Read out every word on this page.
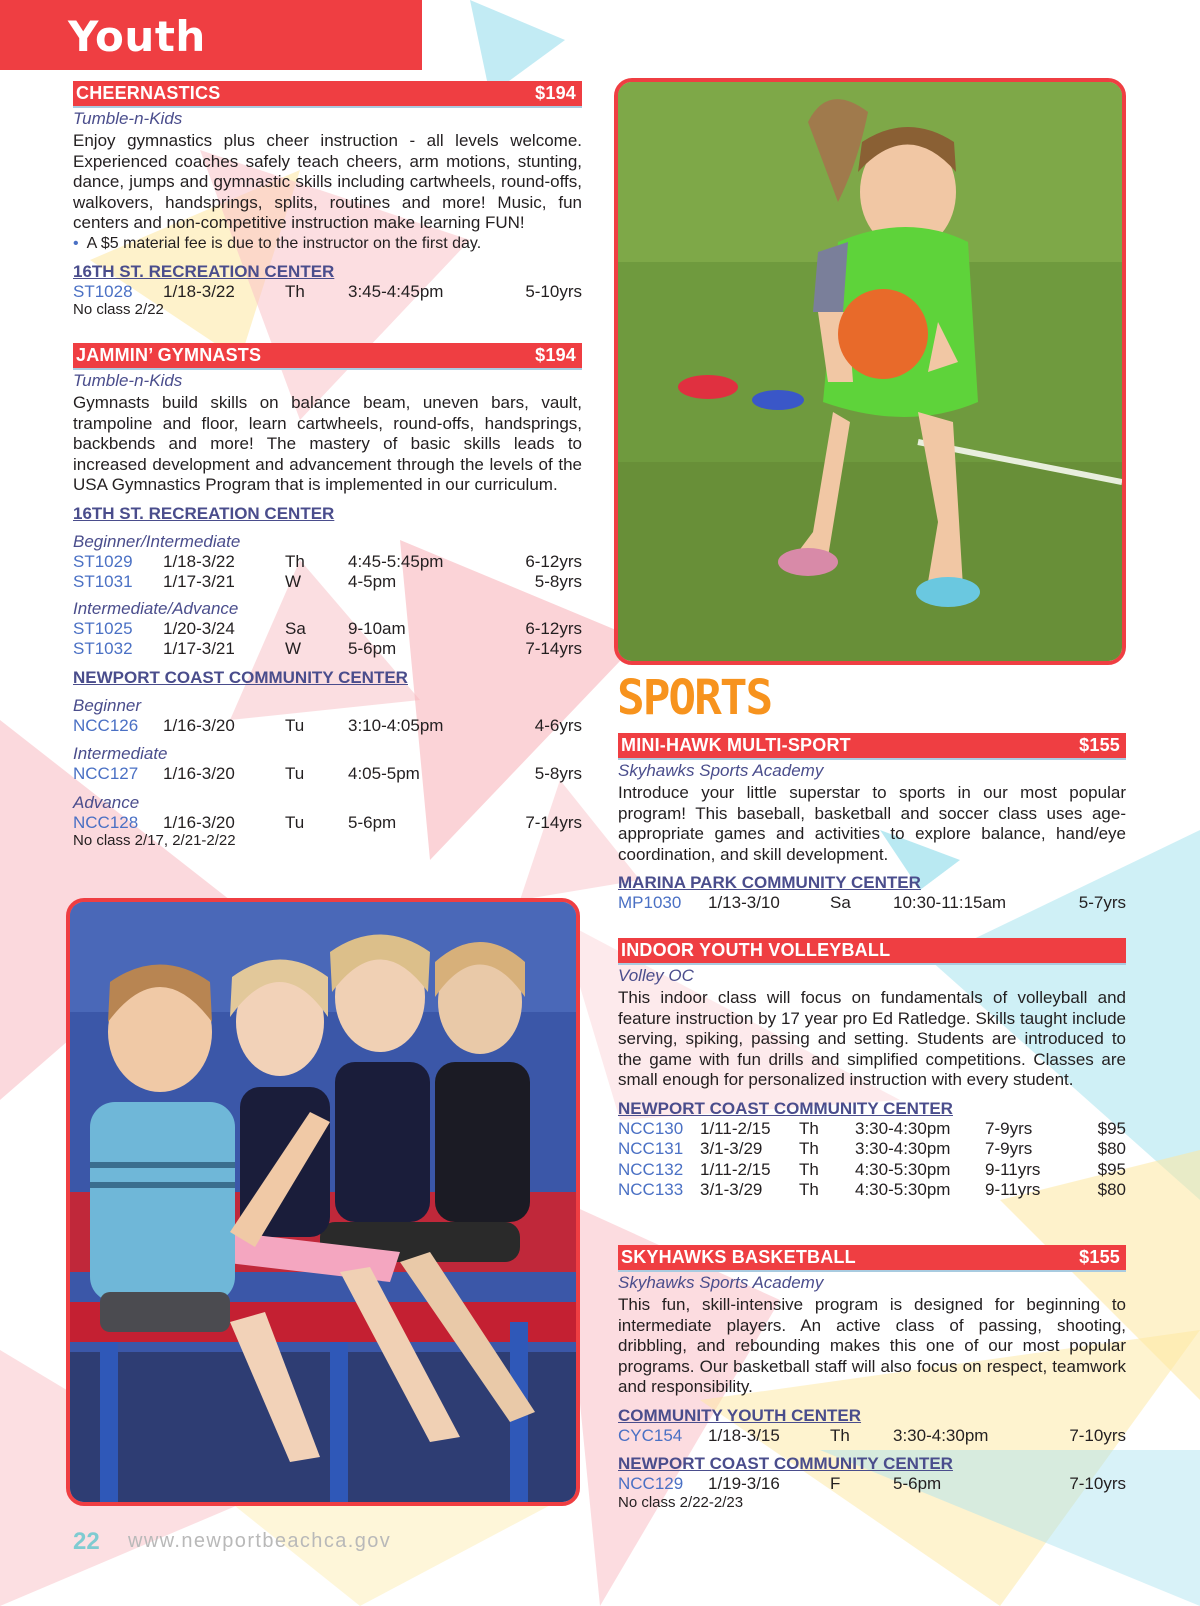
Youth
CHEERNASTICS	$194
Tumble-n-Kids
Enjoy gymnastics plus cheer instruction - all levels welcome. Experienced coaches safely teach cheers, arm motions, stunting, dance, jumps and gymnastic skills including cartwheels, round-offs, walkovers, handsprings, splits, routines and more! Music, fun centers and non-competitive instruction make learning FUN!
• A $5 material fee is due to the instructor on the first day.
16TH ST. RECREATION CENTER
ST1028 1/18-3/22	Th	3:45-4:45pm	5-10yrs
No class 2/22
JAMMIN’ GYMNASTS	$194
Tumble-n-Kids
Gymnasts build skills on balance beam, uneven bars, vault, trampoline and floor, learn cartwheels, round-offs, handsprings, backbends and more! The mastery of basic skills leads to increased development and advancement through the levels of the USA Gymnastics Program that is implemented in our curriculum.
16TH ST. RECREATION CENTER
Beginner/Intermediate
ST1029 1/18-3/22	Th	4:45-5:45pm	6-12yrs
ST1031 1/17-3/21	W	4-5pm	5-8yrs
Intermediate/Advance
ST1025 1/20-3/24	Sa 9-10am	6-12yrs
ST1032 1/17-3/21	W	5-6pm	7-14yrs
NEWPORT COAST COMMUNITY CENTER
Beginner
NCC126 1/16-3/20	Tu	3:10-4:05pm	4-6yrs
Intermediate
NCC127 1/16-3/20	Tu	4:05-5pm	5-8yrs
Advance
NCC128 1/16-3/20	Tu	5-6pm	7-14yrs
No class 2/17, 2/21-2/22
SPORTS
MINI-HAWK MULTI-SPORT	$155
Skyhawks Sports Academy
Introduce your little superstar to sports in our most popular program! This baseball, basketball and soccer class uses age-appropriate games and activities to explore balance, hand/eye coordination, and skill development.
MARINA PARK COMMUNITY CENTER
MP1030 1/13-3/10	Sa 10:30-11:15am	5-7yrs
INDOOR YOUTH VOLLEYBALL
Volley OC
This indoor class will focus on fundamentals of volleyball and feature instruction by 17 year pro Ed Ratledge. Skills taught include serving, spiking, passing and setting. Students are introduced to the game with fun drills and simplified competitions. Classes are small enough for personalized instruction with every student.
NEWPORT COAST COMMUNITY CENTER
NCC130 1/11-2/15 Th 3:30-4:30pm 7-9yrs	$95
NCC131 3/1-3/29 Th 3:30-4:30pm 7-9yrs	$80
NCC132 1/11-2/15 Th 4:30-5:30pm 9-11yrs	$95
NCC133 3/1-3/29 Th 4:30-5:30pm 9-11yrs	$80
SKYHAWKS BASKETBALL	$155
Skyhawks Sports Academy
This fun, skill-intensive program is designed for beginning to intermediate players. An active class of passing, shooting, dribbling, and rebounding makes this one of our most popular programs. Our basketball staff will also focus on respect, teamwork and responsibility.
COMMUNITY YOUTH CENTER
CYC154 1/18-3/15	Th	3:30-4:30pm	7-10yrs
NEWPORT COAST COMMUNITY CENTER
NCC129 1/19-3/16	F	5-6pm	7-10yrs
No class 2/22-2/23
22 www.newportbeachca.gov
